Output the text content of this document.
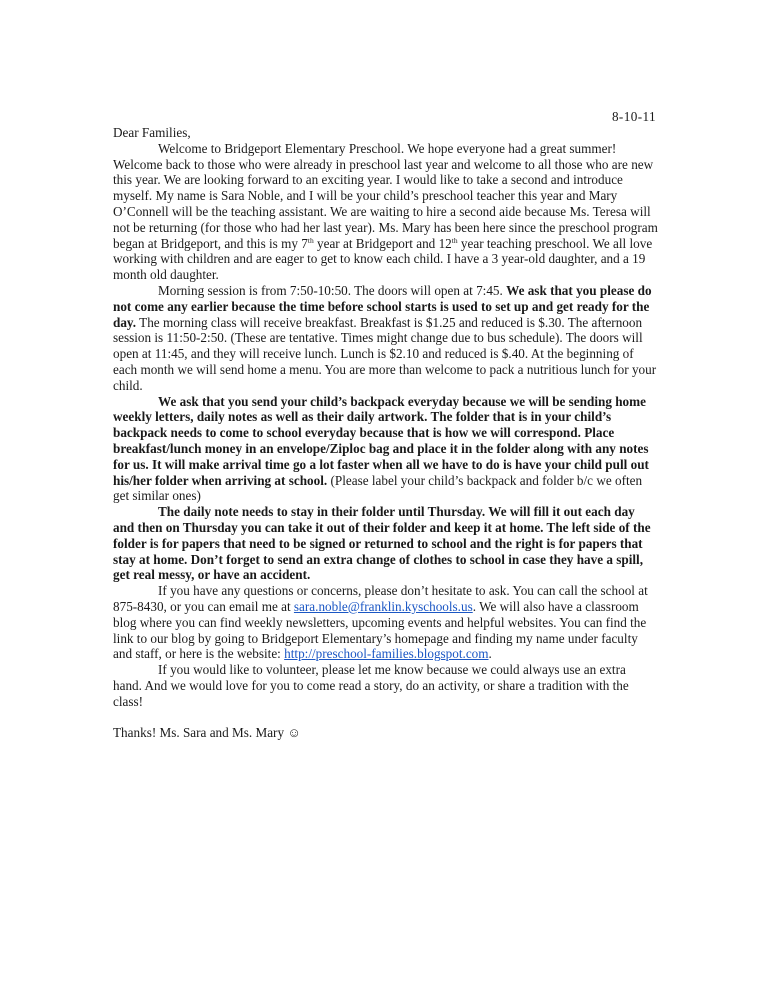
8-10-11

Dear Families,

Welcome to Bridgeport Elementary Preschool. We hope everyone had a great summer! Welcome back to those who were already in preschool last year and welcome to all those who are new this year. We are looking forward to an exciting year. I would like to take a second and introduce myself. My name is Sara Noble, and I will be your child’s preschool teacher this year and Mary O’Connell will be the teaching assistant. We are waiting to hire a second aide because Ms. Teresa will not be returning (for those who had her last year). Ms. Mary has been here since the preschool program began at Bridgeport, and this is my 7th year at Bridgeport and 12th year teaching preschool. We all love working with children and are eager to get to know each child. I have a 3 year-old daughter, and a 19 month old daughter.

Morning session is from 7:50-10:50. The doors will open at 7:45. We ask that you please do not come any earlier because the time before school starts is used to set up and get ready for the day. The morning class will receive breakfast. Breakfast is $1.25 and reduced is $.30. The afternoon session is 11:50-2:50. (These are tentative. Times might change due to bus schedule). The doors will open at 11:45, and they will receive lunch. Lunch is $2.10 and reduced is $.40. At the beginning of each month we will send home a menu. You are more than welcome to pack a nutritious lunch for your child.

We ask that you send your child’s backpack everyday because we will be sending home weekly letters, daily notes as well as their daily artwork. The folder that is in your child’s backpack needs to come to school everyday because that is how we will correspond. Place breakfast/lunch money in an envelope/Ziploc bag and place it in the folder along with any notes for us. It will make arrival time go a lot faster when all we have to do is have your child pull out his/her folder when arriving at school. (Please label your child’s backpack and folder b/c we often get similar ones)

The daily note needs to stay in their folder until Thursday. We will fill it out each day and then on Thursday you can take it out of their folder and keep it at home. The left side of the folder is for papers that need to be signed or returned to school and the right is for papers that stay at home. Don’t forget to send an extra change of clothes to school in case they have a spill, get real messy, or have an accident.

If you have any questions or concerns, please don’t hesitate to ask. You can call the school at 875-8430, or you can email me at sara.noble@franklin.kyschools.us. We will also have a classroom blog where you can find weekly newsletters, upcoming events and helpful websites. You can find the link to our blog by going to Bridgeport Elementary’s homepage and finding my name under faculty and staff, or here is the website: http://preschool-families.blogspot.com.

If you would like to volunteer, please let me know because we could always use an extra hand. And we would love for you to come read a story, do an activity, or share a tradition with the class!

Thanks! Ms. Sara and Ms. Mary ☺
